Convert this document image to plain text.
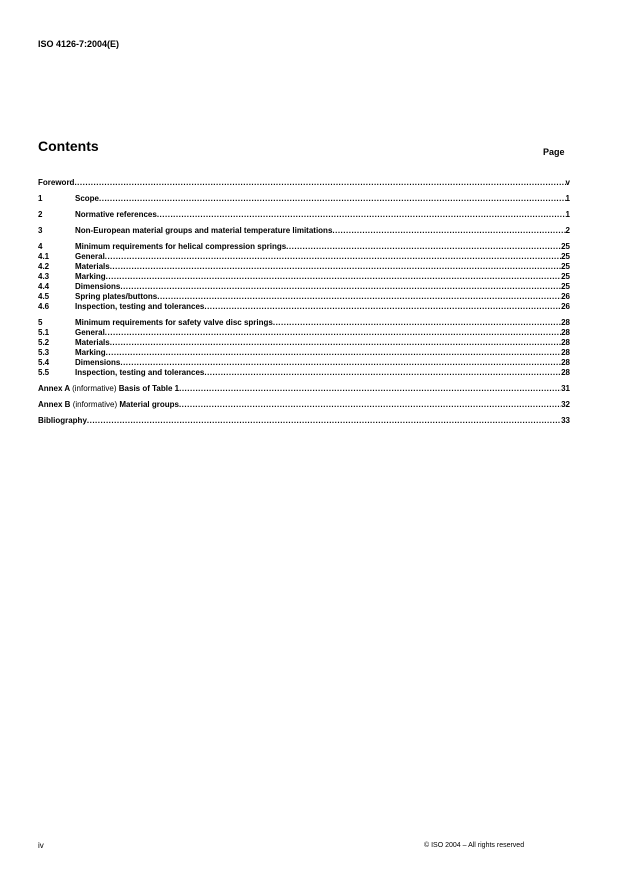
ISO 4126-7:2004(E)
Contents	Page
Foreword .....	v
1	Scope .....	1
2	Normative references .....	1
3	Non-European material groups and material temperature limitations .....	2
4	Minimum requirements for helical compression springs .....	25
4.1	General .....	25
4.2	Materials .....	25
4.3	Marking .....	25
4.4	Dimensions .....	25
4.5	Spring plates/buttons .....	26
4.6	Inspection, testing and tolerances .....	26
5	Minimum requirements for safety valve disc springs .....	28
5.1	General .....	28
5.2	Materials .....	28
5.3	Marking .....	28
5.4	Dimensions .....	28
5.5	Inspection, testing and tolerances .....	28
Annex A (informative) Basis of Table 1 .....	31
Annex B (informative) Material groups .....	32
Bibliography .....	33
iv	© ISO 2004 – All rights reserved
